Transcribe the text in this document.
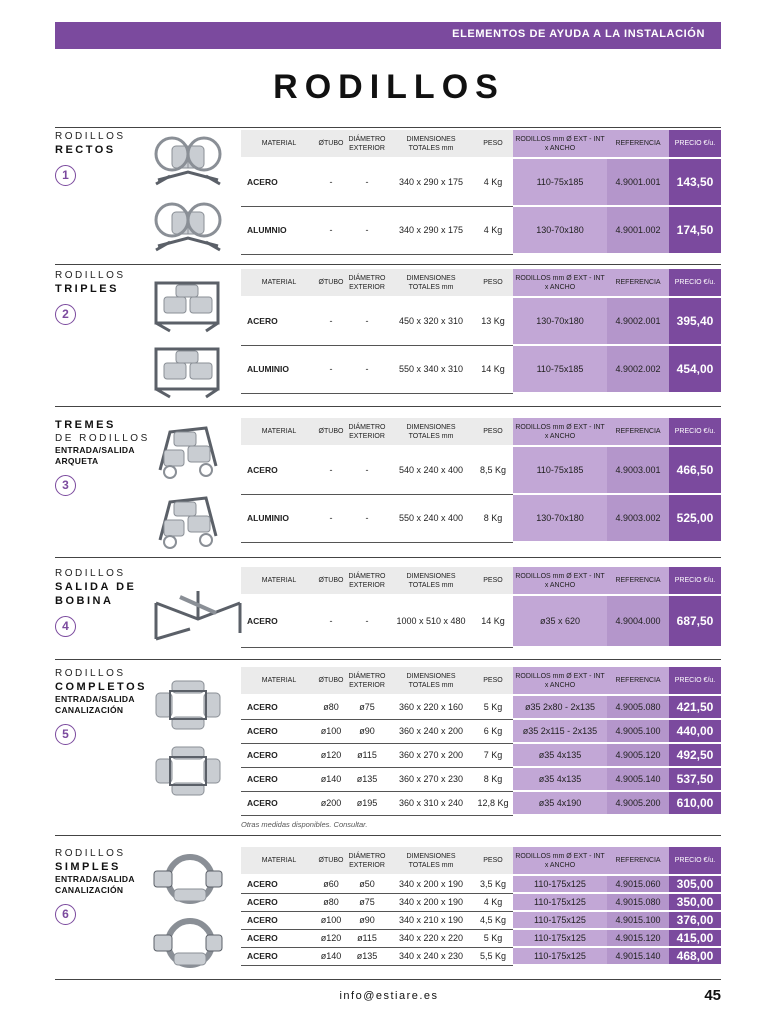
ELEMENTOS DE AYUDA A LA INSTALACIÓN
RODILLOS
RODILLOS
RECTOS
1
MATERIAL	ØTUBO	DIÁMETRO EXTERIOR	DIMENSIONES TOTALES mm	PESO	RODILLOS mm Ø EXT - INT x ANCHO	REFERENCIA	PRECIO €/u.
ACERO	-	-	340 x 290 x 175	4 Kg	110-75x185	4.9001.001	143,50
ALUMNIO	-	-	340 x 290 x 175	4 Kg	130-70x180	4.9001.002	174,50
RODILLOS
TRIPLES
2
MATERIAL	ØTUBO	DIÁMETRO EXTERIOR	DIMENSIONES TOTALES mm	PESO	RODILLOS mm Ø EXT - INT x ANCHO	REFERENCIA	PRECIO €/u.
ACERO	-	-	450 x 320 x 310	13 Kg	130-70x180	4.9002.001	395,40
ALUMINIO	-	-	550 x 340 x 310	14 Kg	110-75x185	4.9002.002	454,00
TREMES
DE RODILLOS
ENTRADA/SALIDA ARQUETA
3
MATERIAL	ØTUBO	DIÁMETRO EXTERIOR	DIMENSIONES TOTALES mm	PESO	RODILLOS mm Ø EXT - INT x ANCHO	REFERENCIA	PRECIO €/u.
ACERO	-	-	540 x 240 x 400	8,5 Kg	110-75x185	4.9003.001	466,50
ALUMINIO	-	-	550 x 240 x 400	8 Kg	130-70x180	4.9003.002	525,00
RODILLOS
SALIDA DE BOBINA
4
MATERIAL	ØTUBO	DIÁMETRO EXTERIOR	DIMENSIONES TOTALES mm	PESO	RODILLOS mm Ø EXT - INT x ANCHO	REFERENCIA	PRECIO €/u.
ACERO	-	-	1000 x 510 x 480	14 Kg	ø35 x 620	4.9004.000	687,50
RODILLOS
COMPLETOS
ENTRADA/SALIDA CANALIZACIÓN
5
MATERIAL	ØTUBO	DIÁMETRO EXTERIOR	DIMENSIONES TOTALES mm	PESO	RODILLOS mm Ø EXT - INT x ANCHO	REFERENCIA	PRECIO €/u.
ACERO	ø80	ø75	360 x 220 x 160	5 Kg	ø35 2x80 - 2x135	4.9005.080	421,50
ACERO	ø100	ø90	360 x 240 x 200	6 Kg	ø35 2x115 - 2x135	4.9005.100	440,00
ACERO	ø120	ø115	360 x 270 x 200	7 Kg	ø35 4x135	4.9005.120	492,50
ACERO	ø140	ø135	360 x 270 x 230	8 Kg	ø35 4x135	4.9005.140	537,50
ACERO	ø200	ø195	360 x 310 x 240	12,8 Kg	ø35 4x190	4.9005.200	610,00
Otras medidas disponibles. Consultar.
RODILLOS
SIMPLES
ENTRADA/SALIDA CANALIZACIÓN
6
MATERIAL	ØTUBO	DIÁMETRO EXTERIOR	DIMENSIONES TOTALES mm	PESO	RODILLOS mm Ø EXT - INT x ANCHO	REFERENCIA	PRECIO €/u.
ACERO	ø60	ø50	340 x 200 x 190	3,5 Kg	110-175x125	4.9015.060	305,00
ACERO	ø80	ø75	340 x 200 x 190	4 Kg	110-175x125	4.9015.080	350,00
ACERO	ø100	ø90	340 x 210 x 190	4,5 Kg	110-175x125	4.9015.100	376,00
ACERO	ø120	ø115	340 x 220 x 220	5 Kg	110-175x125	4.9015.120	415,00
ACERO	ø140	ø135	340 x 240 x 230	5,5 Kg	110-175x125	4.9015.140	468,00
info@estiare.es	45
